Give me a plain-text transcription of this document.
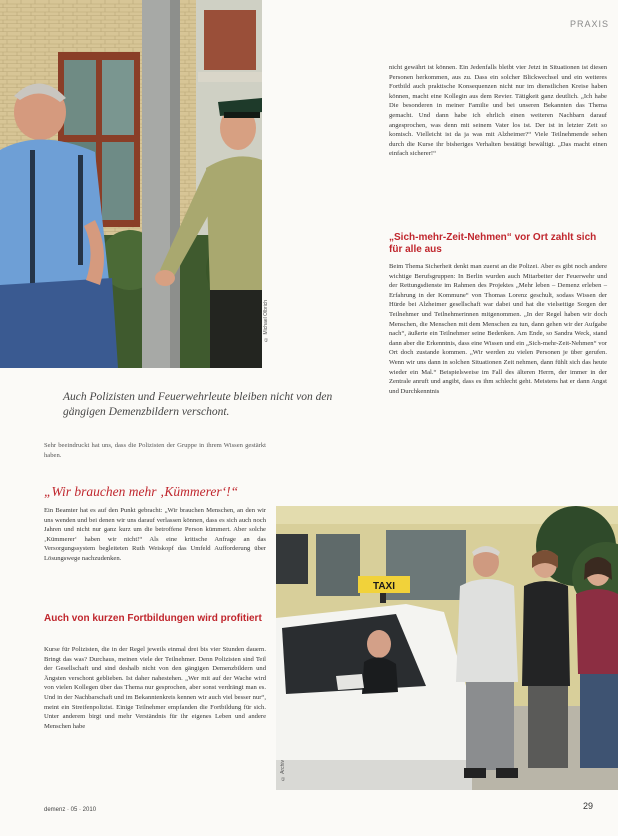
© Michael Olbrich
PRAXIS
Auch Polizisten und Feuerwehrleute bleiben nicht von den gängigen Demenzbildern verschont.

Sehr beeindruckt hat uns, dass die Polizisten der Gruppe in ihrem Wissen gestärkt haben.

„Wir brauchen mehr ‚Kümmerer‘!“

Ein Beamter hat es auf den Punkt gebracht: „Wir brauchen Menschen, an den wir uns wenden und bei denen wir uns darauf verlassen können, dass es sich auch noch Jahren und nicht nur ganz kurz um die betroffene Person kümmert. Aber solche ‚Kümmerer‘ haben wir nicht!“ Als eine kritische Anfrage an das Versorgungssystem begleiteten Ruth Weiskopf das Umfeld Aufforderung über Lösungswege nachzudenken.

Auch von kurzen Fortbildungen wird profitiert

Kurse für Polizisten, die in der Regel jeweils einmal drei bis vier Stunden dauern. Bringt das was? Durchaus, meinen viele der Teilnehmer. Denn Polizisten sind Teil der Gesellschaft und sind deshalb nicht von den gängigen Demenzbildern und Ängsten verschont geblieben. Ist daher nahestehen. „Wer mit auf der Wache wird von vielen Kollegen über das Thema nur gesprochen, aber sonst verdrängt man es. Und in der Nachbarschaft und im Bekanntenkreis kennen wir auch viel besser nur“, meint ein Streifenpolizist. Einige Teilnehmer empfanden die Fortbildung für sich. Unter anderem birgt und mehr Verständnis für ihr eigenes Leben und andere Menschen habe

nicht gewährt ist können. Ein Jedenfalls bleibt vier Jetzt in Situationen ist diesen Personen herkommen, aus zu. Dass ein solcher Blickwechsel und ein weiteres Fortbild auch praktische Konsequenzen nicht nur im dienstlichen Kreise haben können, macht eine Kollegin aus dem Revier. Tätigkeit ganz deutlich. „Ich habe Die besonderen in meiner Familie und bei unseren Bekannten das Thema gemacht. Und dann habe ich ehrlich einen weiteren Nachbarn darauf angesprochen, was denn mit seinem Vater los ist. Der ist in letzter Zeit so komisch. Vielleicht ist da ja was mit Alzheimer?“ Viele Teilnehmende sehen durch die Kurse ihr bisheriges Verhalten bestätigt bewältigt. „Das macht einen einfach sicherer!“

„Sich-mehr-Zeit-Nehmen“ vor Ort zahlt sich für alle aus

Beim Thema Sicherheit denkt man zuerst an die Polizei. Aber es gibt noch andere wichtige Berufsgruppen: In Berlin wurden auch Mitarbeiter der Feuerwehr und der Rettungsdienste im Rahmen des Projektes „Mehr leben – Demenz erleben – Erfahrung in der Kommune“ von Thomas Lorenz geschult, sodass Wissen der Hürde bei Alzheimer gesellschaft war dabei und hat die vielseitige Sorgen der Teilnehmer und Teilnehmerinnen mitgenommen. „In der Regel haben wir doch Menschen, die Menschen mit dem Menschen zu tun, dann gehen wir der Aufgabe nach“, äußerte ein Teilnehmer seine Bedenken. Am Ende, so Sandra Weck, stand dann aber die Erkenntnis, dass eine Wissen und ein „Sich-mehr-Zeit-Nehmen“ vor Ort doch zustande kommen. „Wir werden zu vielen Personen je über gerufen. Wenn wir uns dann in solchen Situationen Zeit nehmen, dann fühlt sich das heute wieder ein Mal.“ Beispielsweise im Fall des älteren Herrn, der immer in der Zentrale anruft und angibt, dass es ihm schlecht geht. Meistens hat er dann Angst und Durchkenntnis

TAXI
© Archiv
demenz · 05 · 2010	29
